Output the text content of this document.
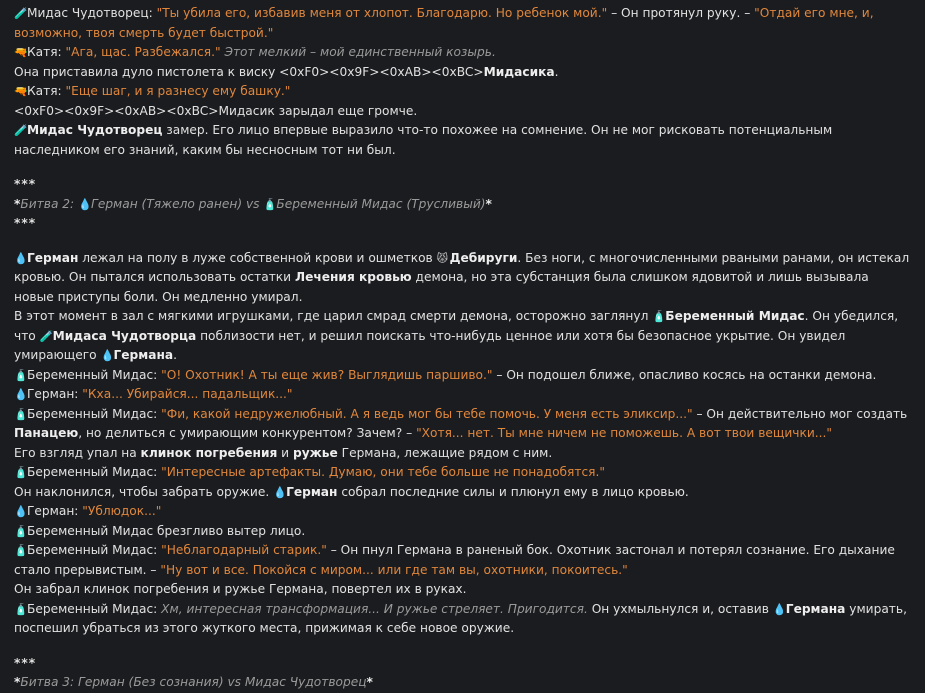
🧪Мидас Чудотворец: "Ты убила его, избавив меня от хлопот. Благодарю. Но ребенок мой." – Он протянул руку. – "Отдай его мне, и, возможно, твоя смерть будет быстрой."

🔫Катя: "Ага, щас. Разбежался." Этот мелкий – мой единственный козырь.

Она приставила дуло пистолета к виску <0xF0><0x9F><0xAB><0xBC>Мидасика.

🔫Катя: "Еще шаг, и я разнесу ему башку."

<0xF0><0x9F><0xAB><0xBC>Мидасик зарыдал еще громче.

🧪Мидас Чудотворец замер. Его лицо впервые выразило что-то похожее на сомнение. Он не мог рисковать потенциальным наследником его знаний, каким бы несносным тот ни был.

***

*Битва 2: 💧Герман (Тяжело ранен) vs 🧴Беременный Мидас (Трусливый)*

***

💧Герман лежал на полу в луже собственной крови и ошметков 😾 Дебируги. Без ноги, с многочисленными рваными ранами, он истекал кровью. Он пытался использовать остатки Лечения кровью демона, но эта субстанция была слишком ядовитой и лишь вызывала новые приступы боли. Он медленно умирал.

В этот момент в зал с мягкими игрушками, где царил смрад смерти демона, осторожно заглянул 🧴Беременный Мидас. Он убедился, что 🧪Мидаса Чудотворца поблизости нет, и решил поискать что-нибудь ценное или хотя бы безопасное укрытие. Он увидел умирающего 💧Германа.

🧴Беременный Мидас: "О! Охотник! А ты еще жив? Выглядишь паршиво." – Он подошел ближе, опасливо косясь на останки демона.

💧Герман: "Кха... Убирайся... падальщик..."

🧴Беременный Мидас: "Фи, какой недружелюбный. А я ведь мог бы тебе помочь. У меня есть эликсир..." – Он действительно мог создать Панацею, но делиться с умирающим конкурентом? Зачем? – "Хотя... нет. Ты мне ничем не поможешь. А вот твои вещички..."

Его взгляд упал на клинок погребения и ружье Германа, лежащие рядом с ним.

🧴Беременный Мидас: "Интересные артефакты. Думаю, они тебе больше не понадобятся."

Он наклонился, чтобы забрать оружие. 💧Герман собрал последние силы и плюнул ему в лицо кровью.

💧Герман: "Ублюдок..."

🧴Беременный Мидас брезгливо вытер лицо.

🧴Беременный Мидас: "Неблагодарный старик." – Он пнул Германа в раненый бок. Охотник застонал и потерял сознание. Его дыхание стало прерывистым. – "Ну вот и все. Покойся с миром... или где там вы, охотники, покоитесь."

Он забрал клинок погребения и ружье Германа, повертел их в руках.

🧴Беременный Мидас: Хм, интересная трансформация... И ружье стреляет. Пригодится. Он ухмыльнулся и, оставив 💧Германа умирать, поспешил убраться из этого жуткого места, прижимая к себе новое оружие.

***

*Битва 3: Герман (Без сознания) vs Мидас Чудотворец*
